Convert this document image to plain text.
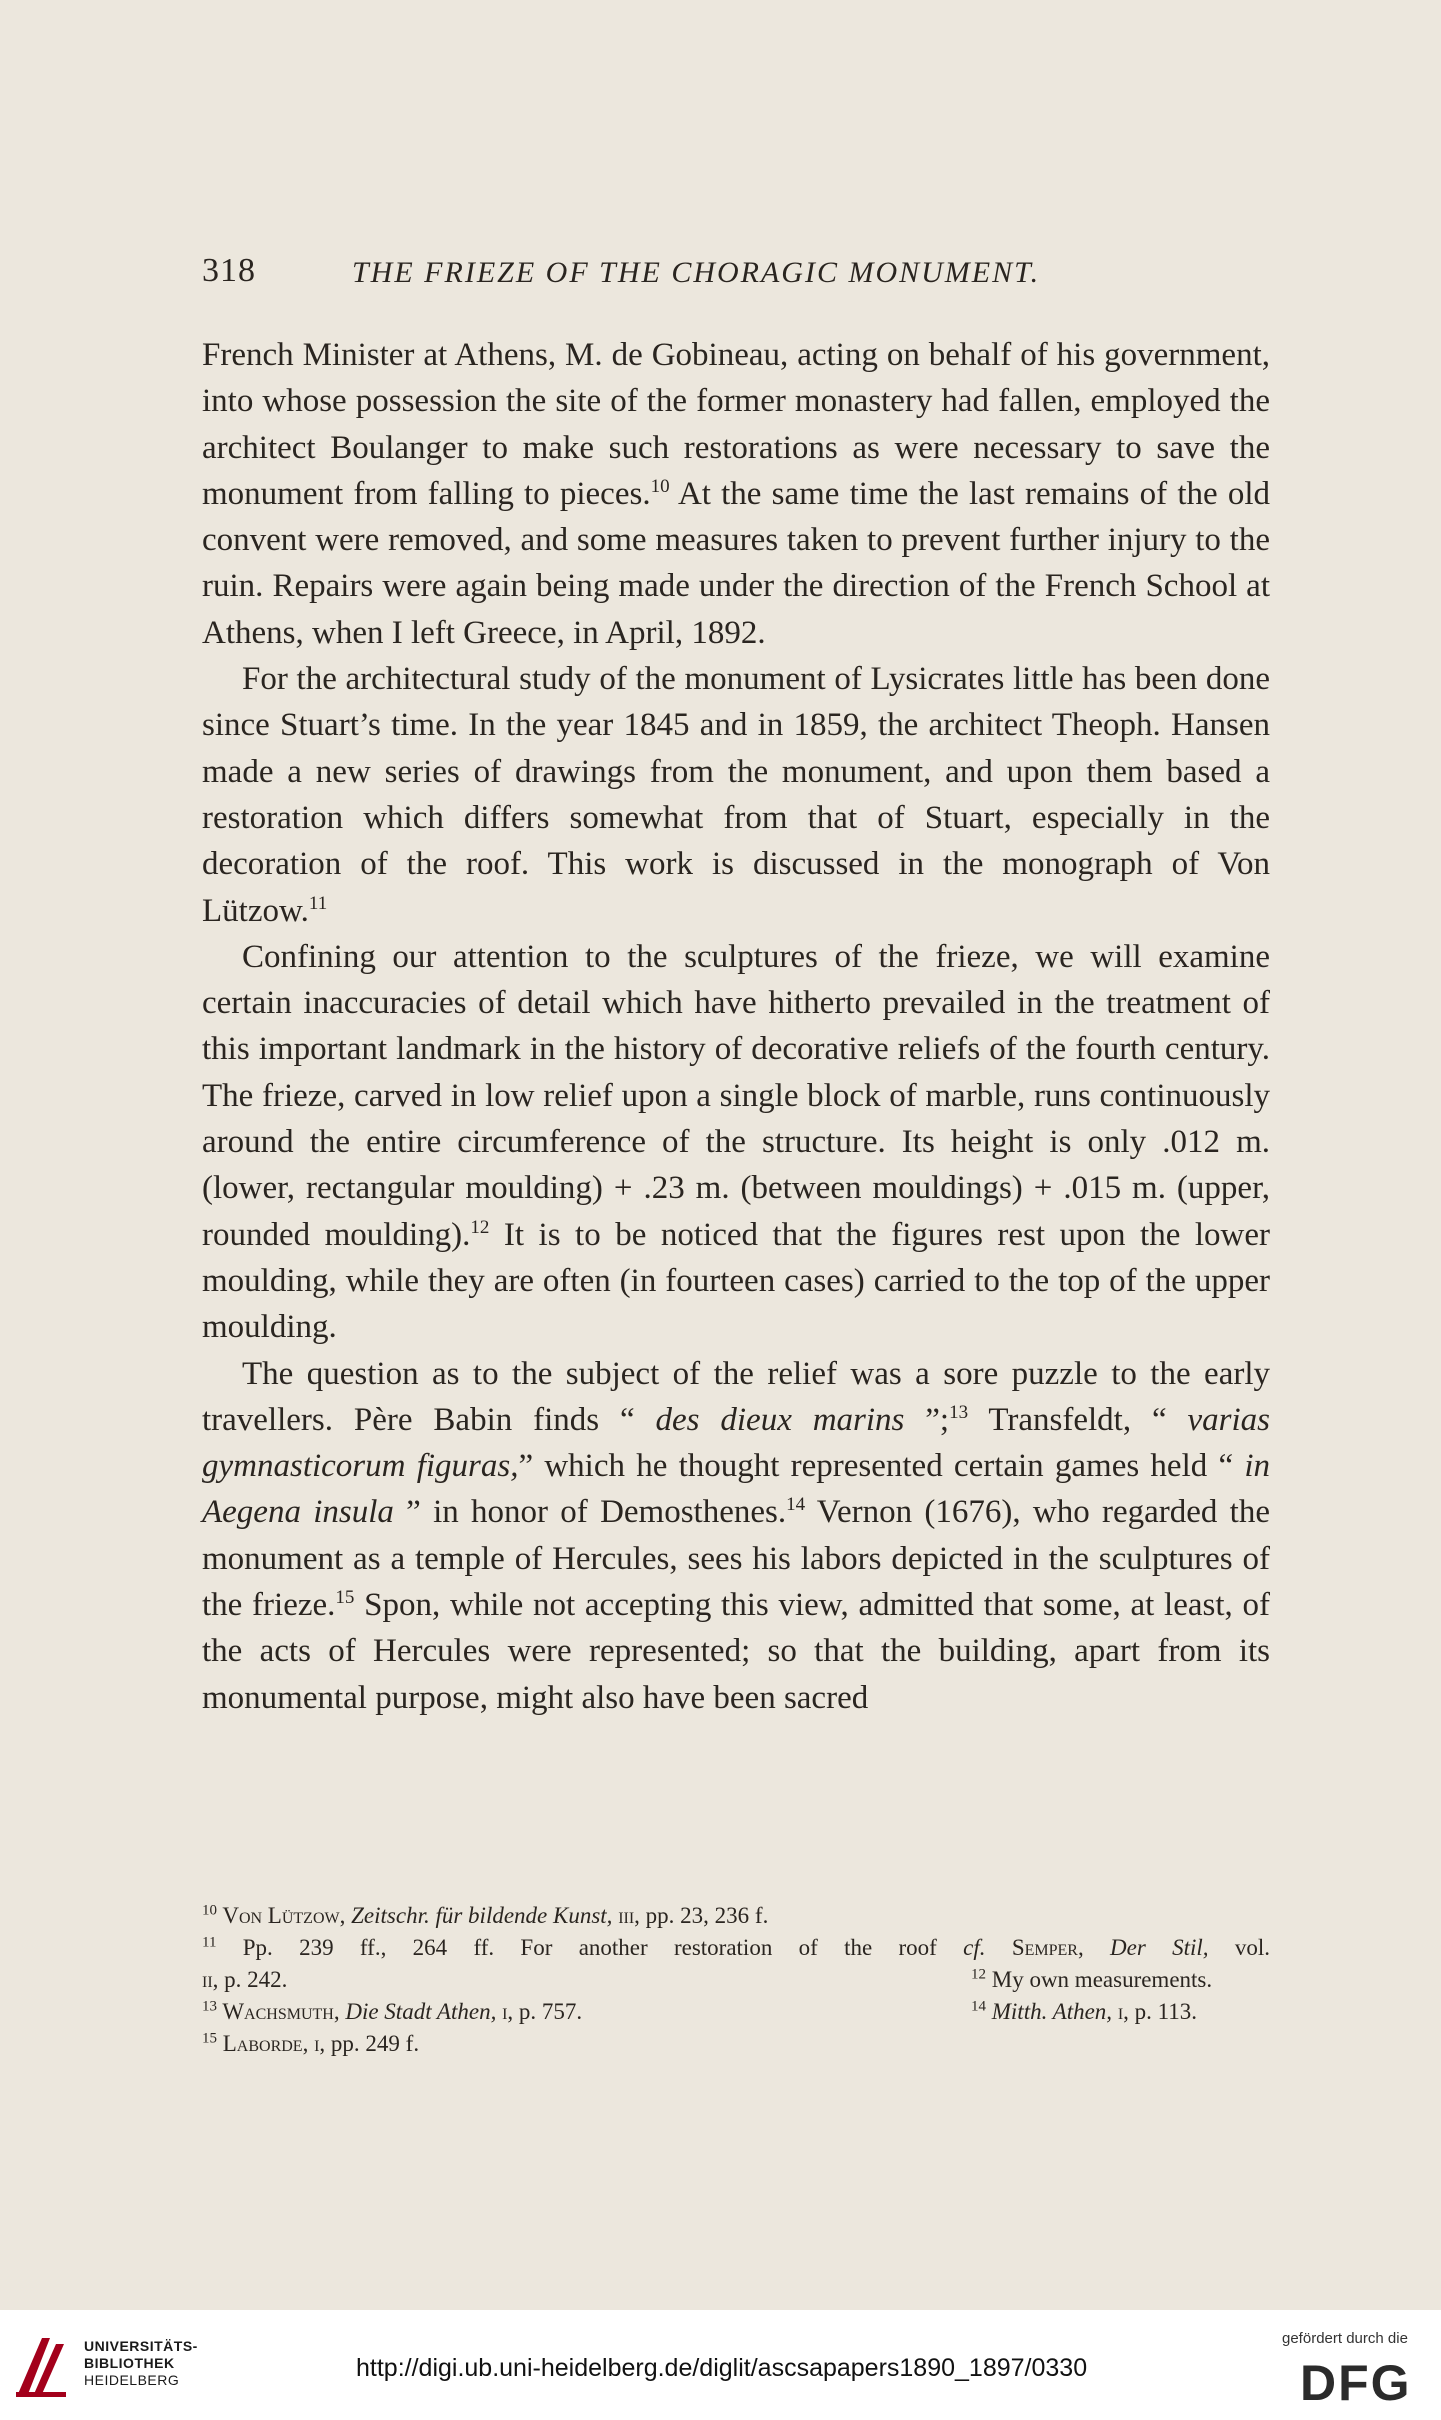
318	THE FRIEZE OF THE CHORAGIC MONUMENT.

French Minister at Athens, M. de Gobineau, acting on behalf of his government, into whose possession the site of the former monastery had fallen, employed the architect Boulanger to make such restorations as were necessary to save the monument from falling to pieces.$^{10}$ At the same time the last remains of the old convent were removed, and some measures taken to prevent further injury to the ruin. Repairs were again being made under the direction of the French School at Athens, when I left Greece, in April, 1892.

For the architectural study of the monument of Lysicrates little has been done since Stuart’s time. In the year 1845 and in 1859, the architect Theoph. Hansen made a new series of drawings from the monument, and upon them based a restoration which differs somewhat from that of Stuart, especially in the decoration of the roof. This work is discussed in the monograph of Von Lützow.$^{11}$

Confining our attention to the sculptures of the frieze, we will examine certain inaccuracies of detail which have hitherto prevailed in the treatment of this important landmark in the history of decorative reliefs of the fourth century. The frieze, carved in low relief upon a single block of marble, runs continuously around the entire circumference of the structure. Its height is only .012 m. (lower, rectangular moulding) + .23 m. (between mouldings) + .015 m. (upper, rounded moulding).$^{12}$ It is to be noticed that the figures rest upon the lower moulding, while they are often (in fourteen cases) carried to the top of the upper moulding.

The question as to the subject of the relief was a sore puzzle to the early travellers. Père Babin finds “ des dieux marins ”;$^{13}$ Transfeldt, “ varias gymnasticorum figuras,” which he thought represented certain games held “ in Aegena insula ” in honor of Demosthenes.$^{14}$ Vernon (1676), who regarded the monument as a temple of Hercules, sees his labors depicted in the sculptures of the frieze.$^{15}$ Spon, while not accepting this view, admitted that some, at least, of the acts of Hercules were represented; so that the building, apart from its monumental purpose, might also have been sacred

$^{10}$ Von Lützow, Zeitschr. für bildende Kunst, iii, pp. 23, 236 f.
$^{11}$ Pp. 239 ff., 264 ff. For another restoration of the roof cf. Semper, Der Stil, vol.
ii, p. 242.	$^{12}$ My own measurements.
$^{13}$ Wachsmuth, Die Stadt Athen, i, p. 757.	$^{14}$ Mitth. Athen, i, p. 113.
$^{15}$ Laborde, i, pp. 249 f.
UNIVERSITÄTS-
BIBLIOTHEK
HEIDELBERG	http://digi.ub.uni-heidelberg.de/diglit/ascsapapers1890_1897/0330
gefördert durch die
DFG
